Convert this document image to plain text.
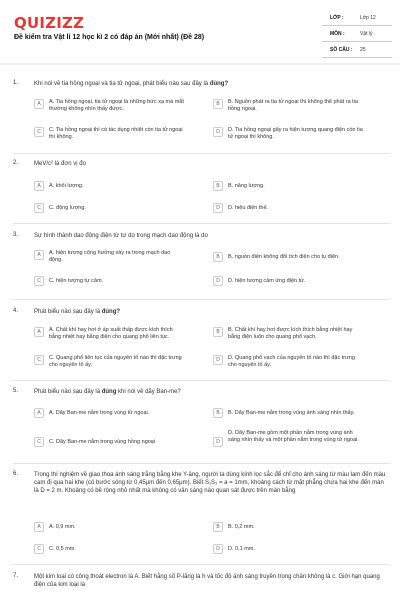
QUIZIZZ
Đề kiểm tra Vật lí 12 học kì 2 có đáp án (Mới nhất) (Đề 28)
LỚP :	Lớp 12
MÔN :	Vật lý
SỐ CÂU :	25
1.	Khi nói về tia hồng ngoại và tia tử ngoại, phát biểu nào sau đây là đúng?
A	A. Tia hồng ngoại, tia tử ngoại là những bức xạ mà mắt thường không nhìn thấy được.
B	B. Nguồn phát ra tia tử ngoại thì không thể phát ra tia hồng ngoại.
C	C. Tia hồng ngoại thì có tác dụng nhiệt còn tia tử ngoại thì không.
D	D. Tia hồng ngoại gây ra hiện tượng quang điện còn tia tử ngoại thì không.
2.	MeV/c² là đơn vị đo
A	A. khối lượng.	B	B. năng lượng.
C	C. động lượng.	D	D. hiệu điện thế.
3.	Sự hình thành dao động điện từ tự do trong mạch dao động là do
A	A. hiện tượng cộng hưởng xảy ra trong mạch dao động.	B	B. nguồn điện không đổi tích điện cho tụ điện.
C	C. hiện tượng tự cảm.	D	D. hiện tượng cảm ứng điện từ.
4.	Phát biểu nào sau đây là đúng?
A	A. Chất khí hay hơi ở áp suất thấp được kích thích bằng nhiệt hay bằng điện cho quang phổ liên tục.
B	B. Chất khí hay hơi được kích thích bằng nhiệt hay bằng điện luôn cho quang phổ vạch.
C	C. Quang phổ liên tục của nguyên tố nào thì đặc trưng cho nguyên tố ấy.
D	D. Quang phổ vạch của nguyên tố nào thì đặc trưng cho nguyên tố ấy.
5.	Phát biểu nào sau đây là đúng khi nói về dãy Ban-me?
A	A. Dãy Ban-me nằm trong vùng tử ngoại.	B	B. Dãy Ban-me nằm trong vùng ánh sáng nhìn thấy.
C	C. Dãy Ban-me nằm trong vùng hồng ngoại	D
D. Dãy Ban-me gồm một phần nằm trong vùng ánh sáng nhìn thấy và một phần nằm trong vùng tử ngoại.
6.	Trong thí nghiệm về giao thoa ánh sáng trắng bằng khe Y-âng, người ta dùng kính lọc sắc để chỉ cho ánh sáng từ màu lam đến màu cam đi qua hai khe (có bước sóng từ 0,45μm đến 0,65μm). Biết S₁S₂ = a = 1mm, khoảng cách từ mặt phẳng chứa hai khe đến màn là D = 2 m. Khoảng có bề rộng nhỏ nhất mà không có vân sáng nào quan sát được trên màn bằng
A	A. 0,9 mm.	B	B. 0,2 mm.
C	C. 0,5 mm.	D	D. 0,1 mm.
7.	Một kim loại có công thoát electron là A. Biết hằng số P-lăng là h và tốc độ ánh sáng truyền trong chân không là c. Giới hạn quang điện của kim loại là
